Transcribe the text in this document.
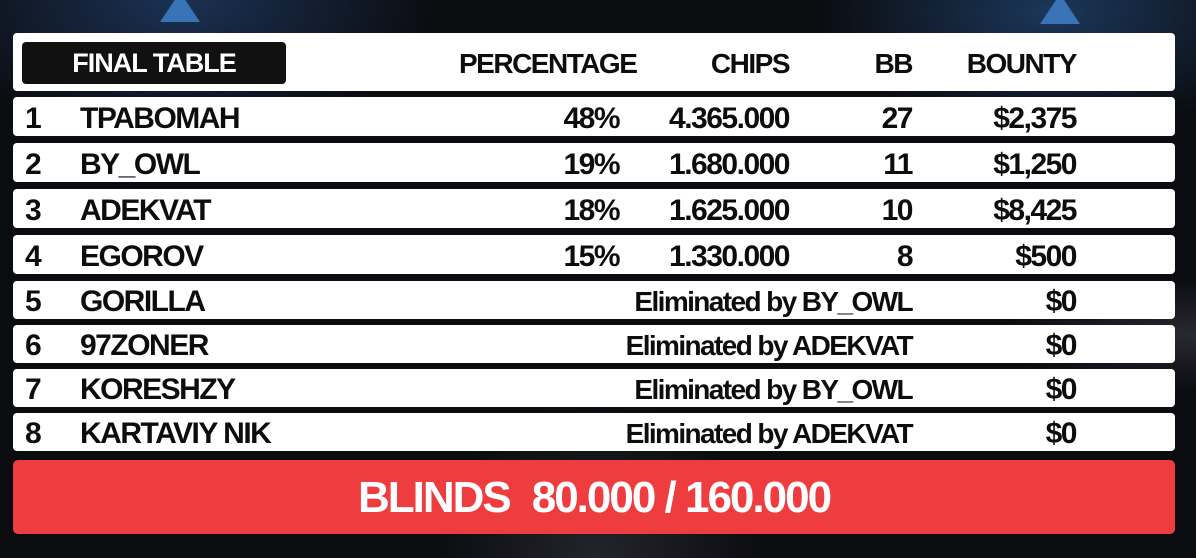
FINAL TABLE	PERCENTAGE	CHIPS	BB	BOUNTY
1	TPABOMAH	48%	4.365.000	27	$2,375
2	BY_OWL	19%	1.680.000	11	$1,250
3	ADEKVAT	18%	1.625.000	10	$8,425
4	EGOROV	15%	1.330.000	8	$500
5	GORILLA	Eliminated by BY_OWL	$0
6	97ZONER	Eliminated by ADEKVAT	$0
7	KORESHZY	Eliminated by BY_OWL	$0
8	KARTAVIY NIK	Eliminated by ADEKVAT	$0
BLINDS 80.000 / 160.000
